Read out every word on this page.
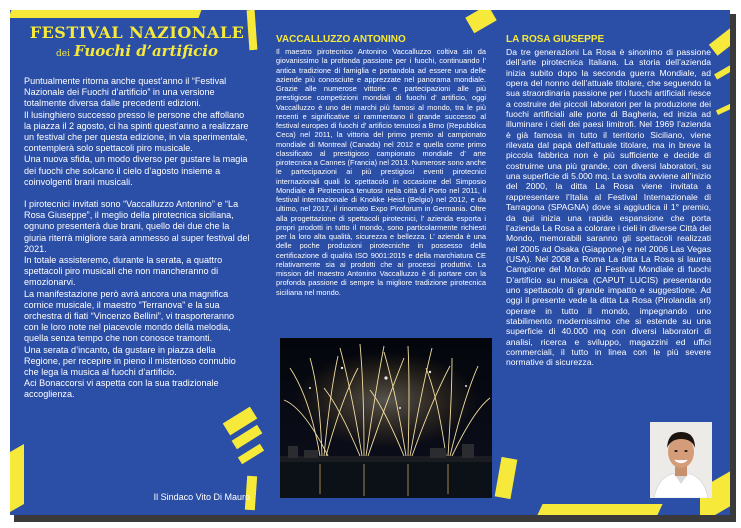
FESTIVAL NAZIONALE
dei Fuochi d’artificio

Puntualmente ritorna anche quest’anno il “Festival Nazionale dei Fuochi d’artificio” in una versione totalmente diversa dalle precedenti edizioni.

Il lusinghiero successo presso le persone che affollano la piazza il 2 agosto, ci ha spinti quest’anno a realizzare un festival che per questa edizione, in via sperimentale, contemplerà solo spettacoli piro musicale.

Una nuova sfida, un modo diverso per gustare la magia dei fuochi che solcano il cielo d’agosto insieme a coinvolgenti brani musicali.

I pirotecnici invitati sono “Vaccalluzzo Antonino” e “La Rosa Giuseppe”, il meglio della pirotecnica siciliana, ognuno presenterà due brani, quello dei due che la giuria riterrà migliore sarà ammesso al super festival del 2021.

In totale assisteremo, durante la serata, a quattro spettacoli piro musicali che non mancheranno di emozionarvi.

La manifestazione però avrà ancora una magnifica cornice musicale, il maestro “Terranova” e la sua orchestra di fiati “Vincenzo Bellini”, vi trasporteranno con le loro note nel piacevole mondo della melodia, quella senza tempo che non conosce tramonti.

Una serata d’incanto, da gustare in piazza della Regione, per recepire in pieno il misterioso connubio che lega la musica al fuochi d’artificio.

Aci Bonaccorsi vi aspetta con la sua tradizionale accoglienza.

Il Sindaco Vito Di Mauro
VACCALLUZZO ANTONINO

Il maestro pirotecnico Antonino Vaccalluzzo coltiva sin da giovanissimo la profonda passione per i fuochi, continuando l’ antica tradizione di famiglia e portandola ad essere una delle aziende più conosciute e apprezzate nel panorama mondiale. Grazie alle numerose vittorie e partecipazioni alle più prestigiose competizioni mondiali di fuochi d’ artificio, oggi Vaccalluzzo è uno dei marchi più famosi al mondo, tra le più recenti e significative si rammentano il grande successo al festival europeo di fuochi d’ artificio tenutosi a Brno (Repubblica Ceca) nel 2011, la vittoria del primo premio al campionato mondiale di Montreal (Canada) nel 2012 e quella come primo classificato al prestigioso campionato mondiale d’ arte pirotecnica a Cannes (Francia) nel 2013. Numerose sono anche le partecipazioni ai più prestigiosi eventi pirotecnici internazionali quali lo spettacolo in occasione del Simposio Mondiale di Pirotecnica tenutosi nella città di Porto nel 2011, il festival internazionale di Knokke Heist (Belgio) nel 2012, e da ultimo, nel 2017, il rinomato Expo Piroforum in Germania. Oltre alla progettazione di spettacoli pirotecnici, l’ azienda esporta i propri prodotti in tutto il mondo, sono particolarmente richiesti per la loro alta qualità, sicurezza e bellezza. L’ azienda è una delle poche produzioni pirotecniche in possesso della certificazione di qualità ISO 9001:2015 e della marchiatura CE relativamente sia ai prodotti che ai processi produttivi. La mission del maestro Antonino Vaccalluzzo è di portare con la profonda passione di sempre la migliore tradizione pirotecnica siciliana nel mondo.

LA ROSA GIUSEPPE

Da tre generazioni La Rosa è sinonimo di passione dell’arte pirotecnica Italiana. La storia dell’azienda inizia subito dopo la seconda guerra Mondiale, ad opera del nonno dell’attuale titolare, che seguendo la sua straordinaria passione per i fuochi artificiali riesce a costruire dei piccoli laboratori per la produzione dei fuochi artificiali alle porte di Bagheria, ed inizia ad illuminare i cieli dei paesi limitrofi. Nel 1969 l’azienda è già famosa in tutto il territorio Siciliano, viene rilevata dal papà dell’attuale titolare, ma in breve la piccola fabbrica non è più sufficiente e decide di costruirne una più grande, con diversi laboratori, su una superficie di 5.000 mq. La svolta avviene all’inizio del 2000, la ditta La Rosa viene invitata a rappresentare l’Italia al Festival Internazionale di Tarragona (SPAGNA) dove si aggiudica il 1° premio, da qui inizia una rapida espansione che porta l’azienda La Rosa a colorare i cieli in diverse Città del Mondo, memorabili saranno gli spettacoli realizzati nel 2005 ad Osaka (Giappone) e nel 2006 Las Vegas (USA). Nel 2008 a Roma La ditta La Rosa si laurea Campione del Mondo al Festival Mondiale di fuochi D’artificio su musica (CAPUT LUCIS) presentando uno spettacolo di grande impatto e suggestione. Ad oggi il presente vede la ditta La Rosa (Pirolandia srl) operare in tutto il mondo, impegnando uno stabilimento modernissimo che si estende su una superficie di 40.000 mq con diversi laboratori di analisi, ricerca e sviluppo, magazzini ed uffici commerciali, il tutto in linea con le più severe normative di sicurezza.
